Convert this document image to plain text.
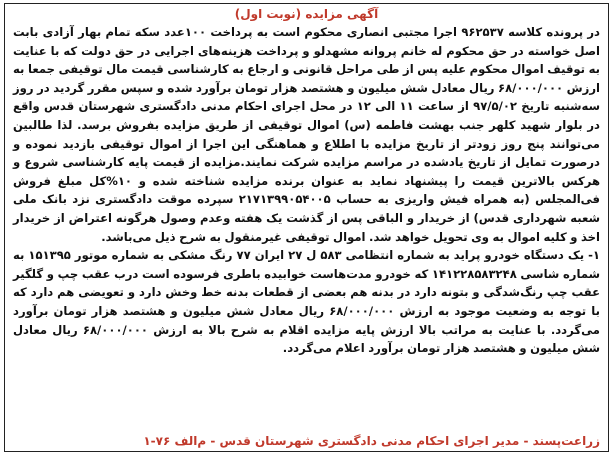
آگهی مزایده (نوبت اول)

در پرونده کلاسه ۹۶۲۵۳۷ اجرا مجتبی انصاری محکوم است به پرداخت ۱۰۰عدد سکه تمام بهار آزادی بابت اصل خواسته در حق محکوم له خانم پروانه مشهدلو و پرداخت هزینه‌های اجرایی در حق دولت که با عنایت به توقیف اموال محکوم علیه پس از طی مراحل قانونی و ارجاع به کارشناسی قیمت مال توقیفی جمعا به ارزش ۶۸/۰۰۰/۰۰۰ ریال معادل شش میلیون و هشتصد هزار تومان برآورد شده و سپس مقرر گردید در روز سه‌شنبه تاریخ ۹۷/۵/۰۲ از ساعت ۱۱ الی ۱۲ در محل اجرای احکام مدنی دادگستری شهرستان قدس واقع در بلوار شهید کلهر جنب بهشت فاطمه (س) اموال توقیفی از طریق مزایده بفروش برسد. لذا طالبین می‌توانند پنج روز زودتر از تاریخ مزایده با اطلاع و هماهنگی این اجرا از اموال توقیفی بازدید نموده و درصورت تمایل از تاریخ یادشده در مراسم مزایده شرکت نمایند.مزایده از قیمت پایه کارشناسی شروع و هرکس بالاترین قیمت را پیشنهاد نماید به عنوان برنده مزایده شناخته شده و ۱۰%کل مبلغ فروش فی‌المجلس (به همراه فیش واریزی به حساب ۲۱۷۱۳۹۹۰۵۴۰۰۵ سپرده موقت دادگستری نزد بانک ملی شعبه شهرداری قدس) از خریدار و الباقی پس از گذشت یک هفته وعدم وصول هرگونه اعتراض از خریدار اخذ و کلیه اموال به وی تحویل خواهد شد. اموال توقیفی غیرمنقول به شرح ذیل می‌باشد.

۱- یک دستگاه خودرو پراید به شماره انتظامی ۵۸۳ ل ۲۷ ایران ۷۷ رنگ مشکی به شماره موتور ۱۵۱۳۹۵ به شماره شاسی ۱۴۱۲۲۸۵۸۳۲۴۸ که خودرو مدت‌هاست خوابیده باطری فرسوده است درب عقب چپ و گلگیر عقب چپ رنگ‌شدگی و بتونه دارد در بدنه هم بعضی از قطعات بدنه خط وخش دارد و تعویضی هم دارد که با توجه به وضعیت موجود به ارزش ۶۸/۰۰۰/۰۰۰ ریال معادل شش میلیون و هشتصد هزار تومان برآورد می‌گردد. با عنایت به مراتب بالا ارزش پایه مزایده اقلام به شرح بالا به ارزش ۶۸/۰۰۰/۰۰۰ ریال معادل شش میلیون و هشتصد هزار تومان برآورد اعلام می‌گردد.

زراعت‌پسند - مدیر اجرای احکام مدنی دادگستری شهرستان قدس - م‌الف ۷۶-۱
